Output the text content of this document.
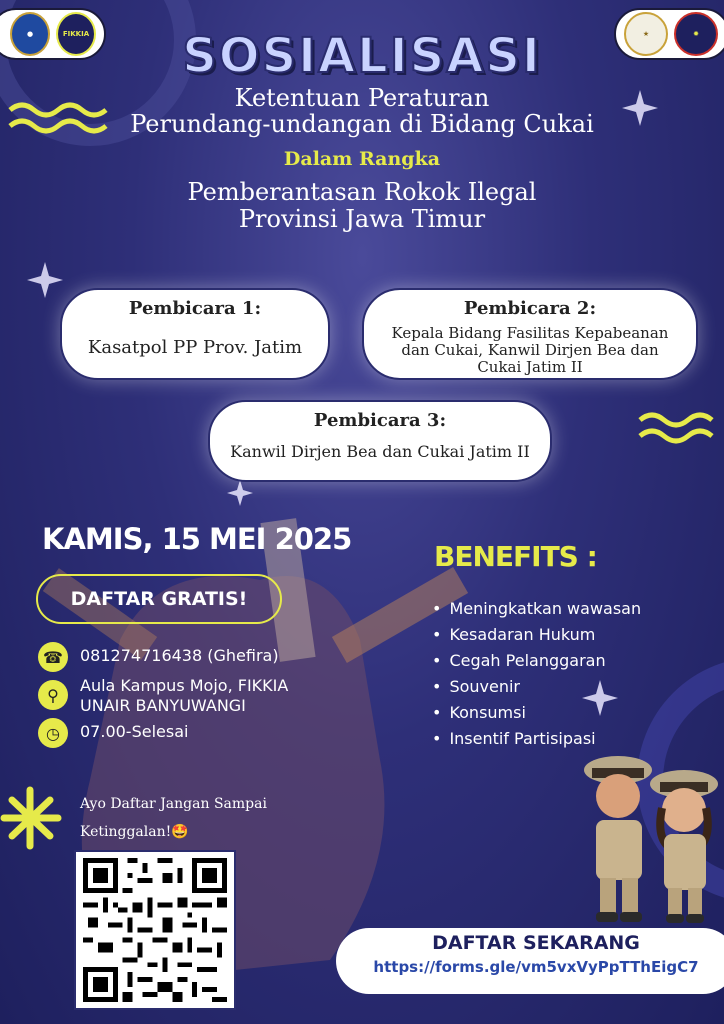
●	FIKKIA	★	✹
SOSIALISASI
Ketentuan Peraturan
Perundang-undangan di Bidang Cukai
Dalam Rangka
Pemberantasan Rokok Ilegal
Provinsi Jawa Timur
Pembicara 1:
Kasatpol PP Prov. Jatim
Pembicara 2:
Kepala Bidang Fasilitas Kepabeanan
dan Cukai, Kanwil Dirjen Bea dan
Cukai Jatim II
Pembicara 3:
Kanwil Dirjen Bea dan Cukai Jatim II
KAMIS, 15 MEI 2025
DAFTAR GRATIS!
☎	081274716438 (Ghefira)
⚲	Aula Kampus Mojo, FIKKIA
UNAIR BANYUWANGI
◷	07.00-Selesai
BENEFITS :
• Meningkatkan wawasan
• Kesadaran Hukum
• Cegah Pelanggaran
• Souvenir
• Konsumsi
• Insentif Partisipasi
Ayo Daftar Jangan Sampai
Ketinggalan!🤩
DAFTAR SEKARANG
https://forms.gle/vm5vxVyPpTThEigC7
